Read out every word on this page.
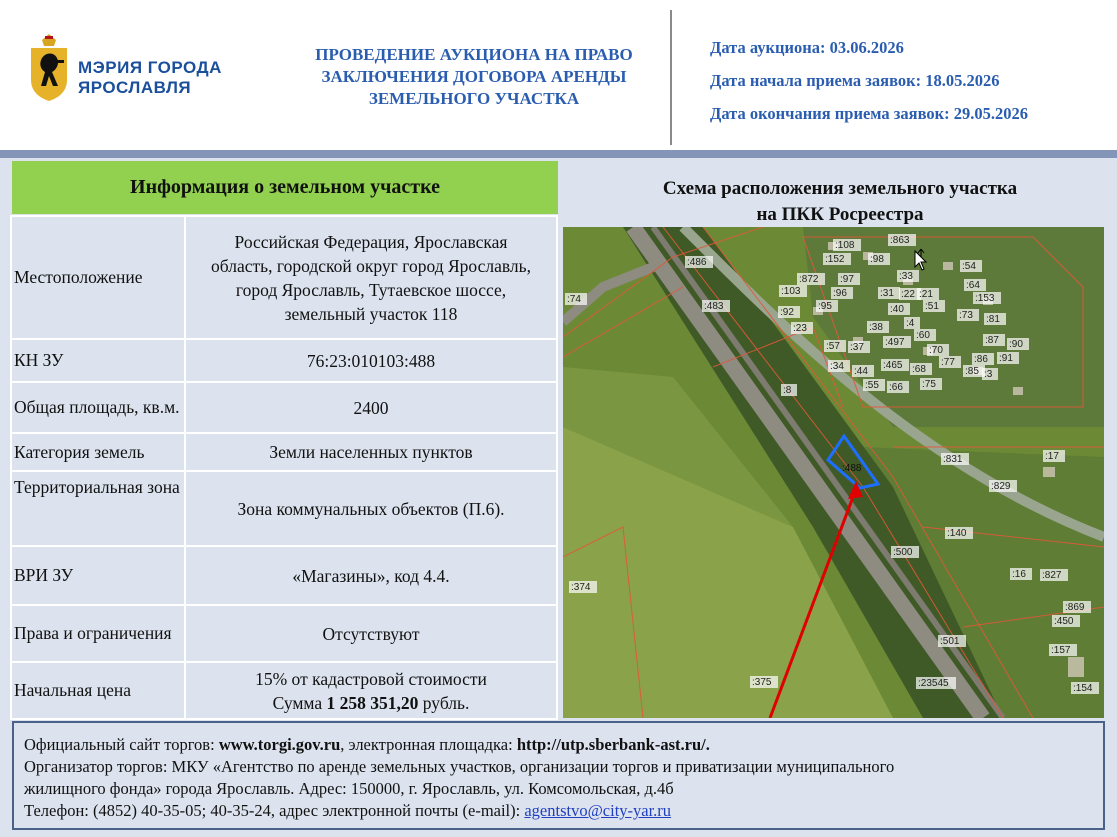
МЭРИЯ ГОРОДА
ЯРОСЛАВЛЯ
ПРОВЕДЕНИЕ АУКЦИОНА НА ПРАВО
ЗАКЛЮЧЕНИЯ ДОГОВОРА АРЕНДЫ
ЗЕМЕЛЬНОГО УЧАСТКА
Дата аукциона: 03.06.2026
Дата начала приема заявок: 18.05.2026
Дата окончания приема заявок: 29.05.2026
Информация о земельном участке
Местоположение	Российская Федерация, Ярославская
область, городской округ город Ярославль,
город Ярославль, Тутаевское шоссе,
земельный участок 118

КН ЗУ	76:23:010103:488
Общая площадь, кв.м.	2400
Категория земель	Земли населенных пунктов
Территориальная зона	Зона коммунальных объектов (П.6).
ВРИ ЗУ	«Магазины», код 4.4.
Права и ограничения	Отсутствуют
Начальная цена	15% от кадастровой стоимости
Сумма 1 258 351,20 рубль.
Схема расположения земельного участка
на ПКК Росреестра
:488
:486
:74
:483
:108
:152
:863
:98
:872 :97
:103	:96
:95
:92
:23
:33
:31 :22 :21
:40
:54
:64
:153
:51
:73 :81
:60
:38 :4
:57 :37 :497
:70
:87 :90
:86 :91
:34 :44
:465 :68
:77
:55 :66 :75
:85 :3
:8
:831	:17
:829
:140
:500
:16 :827
:374
:869
:450
:501
:157
:375	:23545	:154
Официальный сайт торгов: www.torgi.gov.ru, электронная площадка: http://utp.sberbank-ast.ru/.
Организатор торгов: МКУ «Агентство по аренде земельных участков, организации торгов и приватизации муниципального
жилищного фонда» города Ярославль. Адрес: 150000, г. Ярославль, ул. Комсомольская, д.4б
Телефон: (4852) 40-35-05; 40-35-24, адрес электронной почты (e-mail): agentstvo@city-yar.ru
